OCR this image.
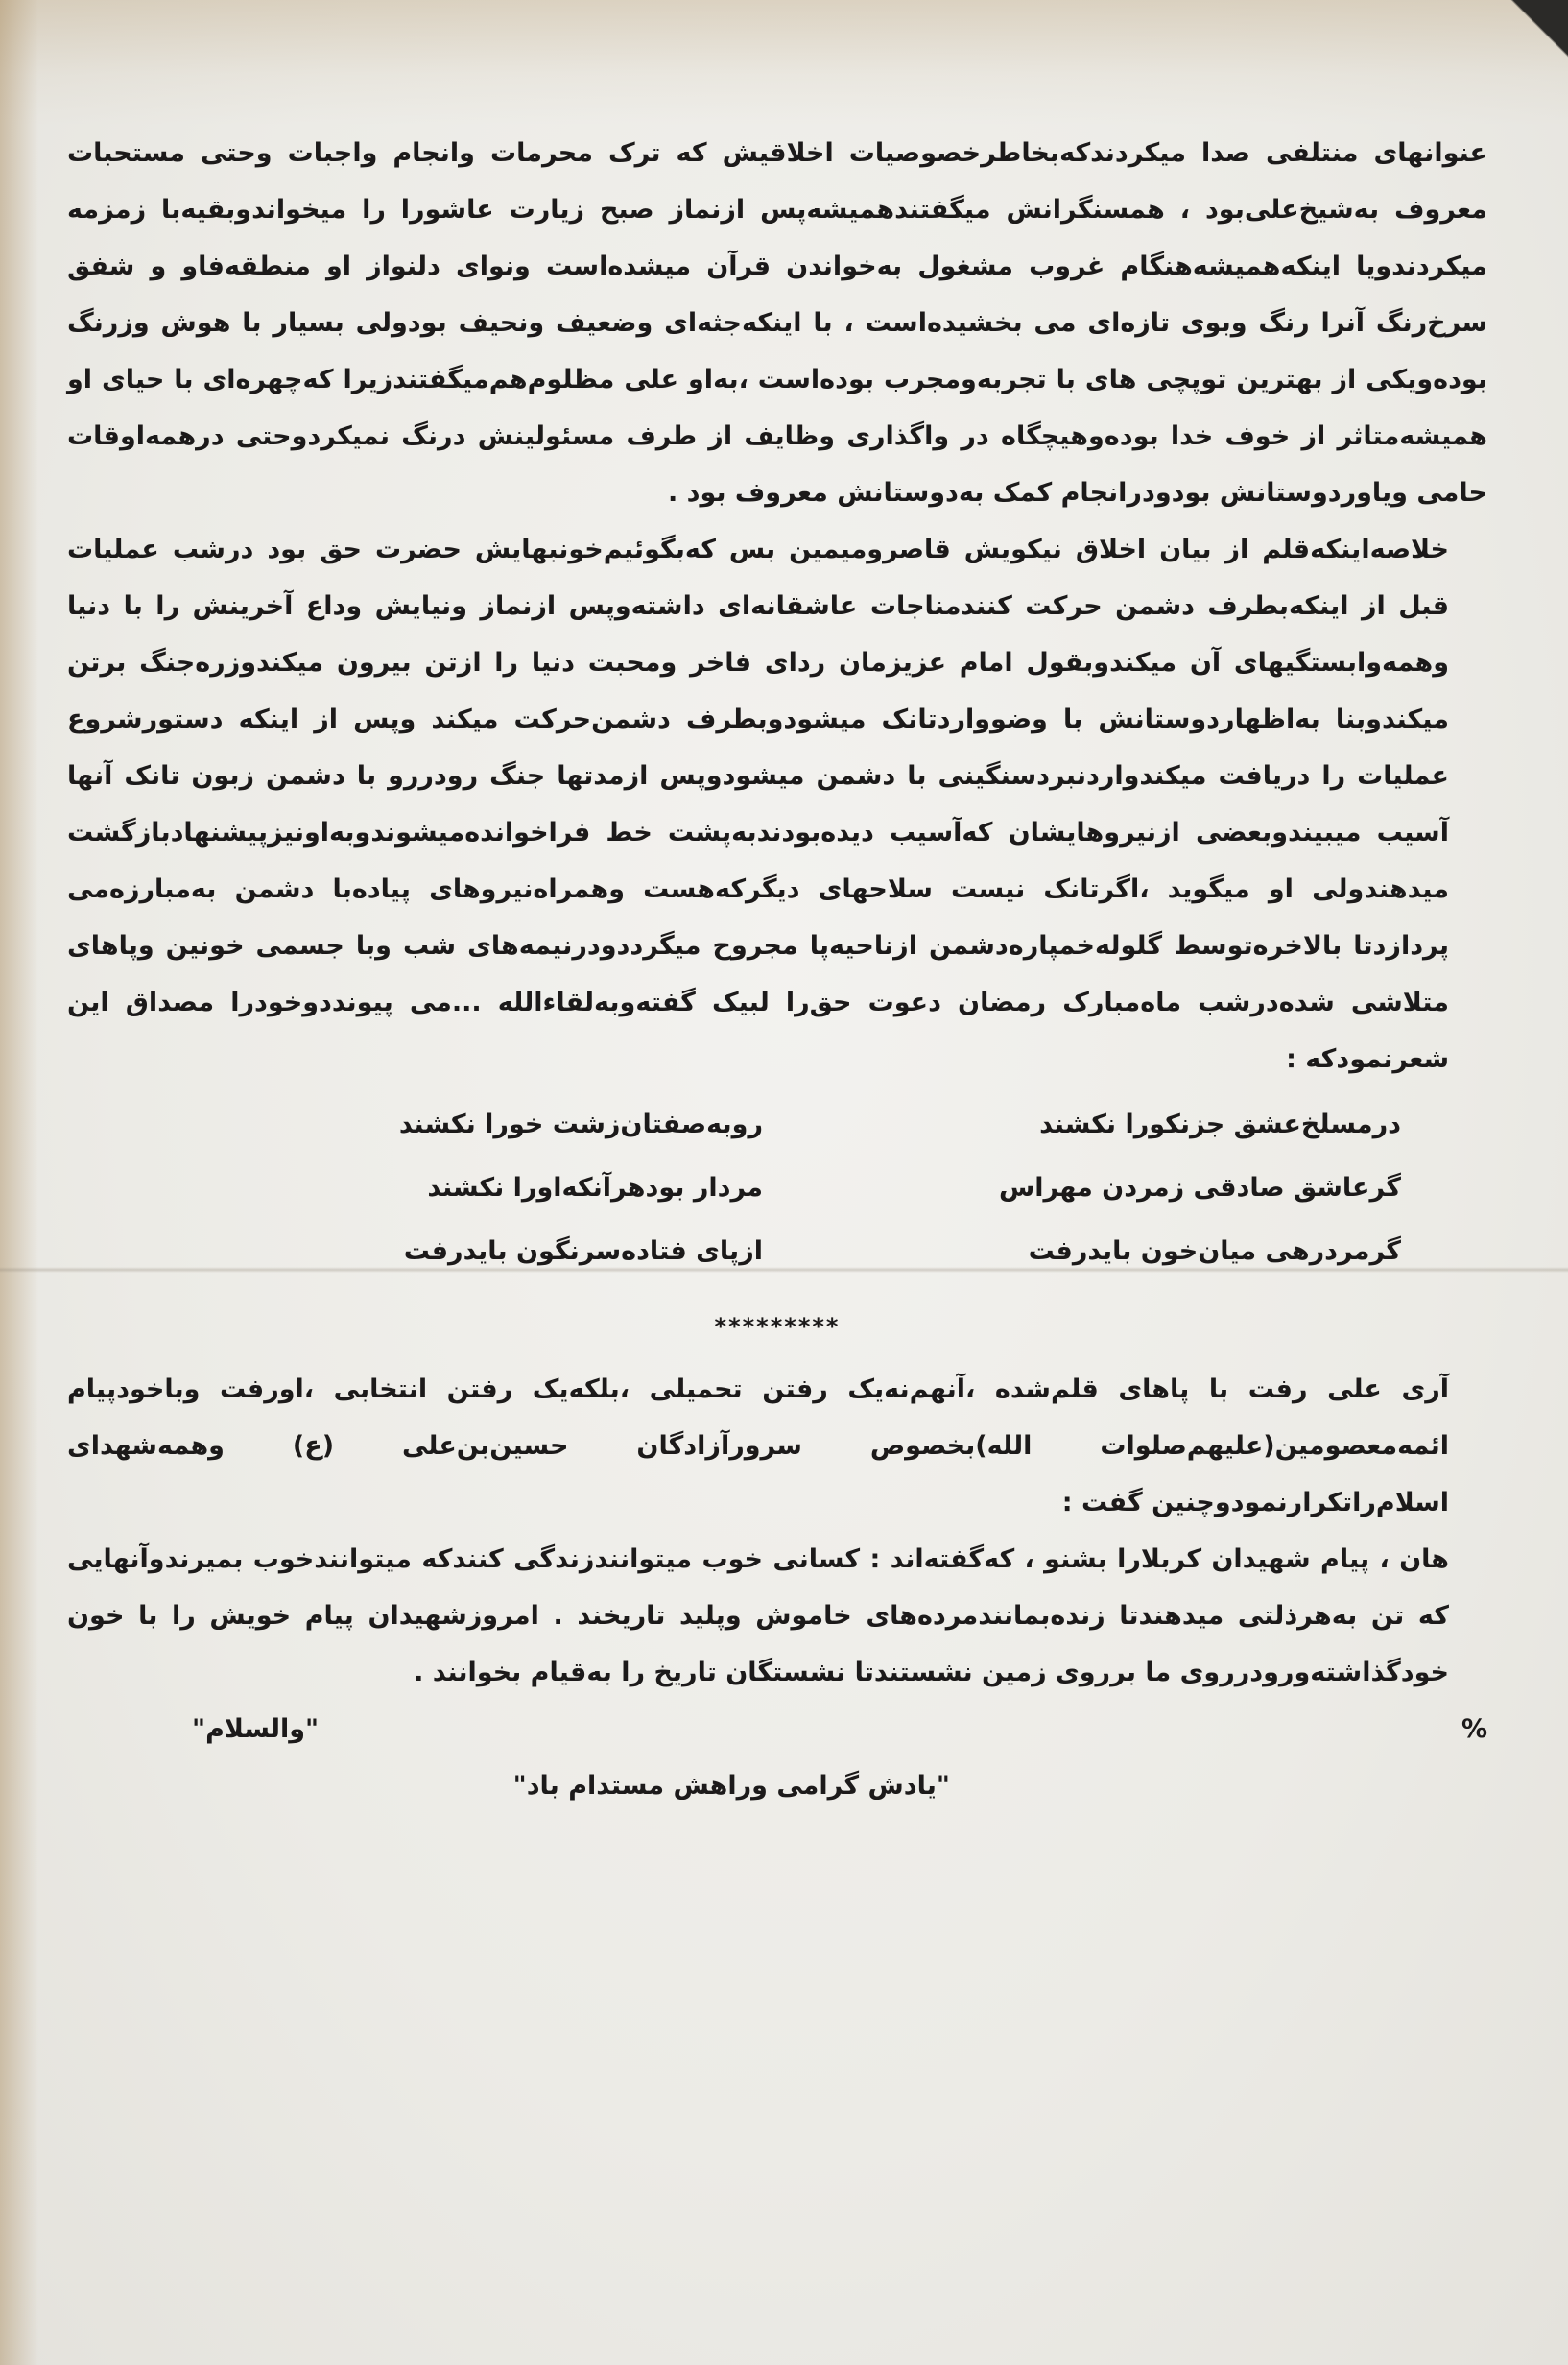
عنوانهای منتلفی صدا میکردندکه‌بخاطرخصوصیات اخلاقیش که ترک محرمات وانجام واجبات وحتی مستحبات معروف به‌شیخ‌علی‌بود ، همسنگرانش میگفتندهمیشه‌پس ازنماز صبح زیارت عاشورا را میخواندوبقیه‌با زمزمه میکردندویا اینکه‌همیشه‌هنگام غروب مشغول به‌خواندن قرآن میشده‌است ونوای دلنواز او منطقه‌فاو و شفق سرخ‌رنگ آنرا رنگ وبوی تازه‌ای می بخشیده‌است ، با اینکه‌جثه‌ای وضعیف ونحیف بودولی بسیار با هوش وزرنگ بوده‌ویکی از بهترین توپچی های با تجربه‌ومجرب بوده‌است ،به‌او علی مظلوم‌هم‌میگفتند‌زیرا که‌چهره‌ای با حیای او همیشه‌متاثر از خوف خدا بوده‌وهیچگاه در واگذاری وظایف از طرف مسئولینش درنگ نمیکردوحتی درهمه‌اوقات حامی ویاوردوستانش بودودرانجام کمک به‌دوستانش معروف بود .

خلاصه‌اینکه‌قلم از بیان اخلاق نیکویش قاصرومیمین بس که‌بگوئیم‌خونبهایش حضرت حق بود درشب عملیات قبل از اینکه‌بطرف دشمن حرکت کنندمناجات عاشقانه‌ای داشته‌وپس ازنماز ونیایش وداع آخرینش را با دنیا وهمه‌وابستگیهای آن میکندوبقول امام عزیزمان ردای فاخر ومحبت دنیا را ازتن بیرون میکندوزره‌جنگ برتن میکندوبنا به‌اظهاردوستانش با وضوواردتانک میشودوبطرف دشمن‌حرکت میکند وپس از اینکه دستورشروع عملیات را دریافت میکندواردنبردسنگینی با دشمن میشودوپس ازمدتها جنگ رودررو با دشمن زبون تانک آنها آسیب میبیندوبعضی ازنیروهایشان که‌آسیب دیده‌بودندبه‌پشت خط فراخوانده‌میشوندوبه‌اونیزپیشنهادبازگشت میدهندولی او میگوید ،اگرتانک نیست سلاحهای دیگرکه‌هست وهمراه‌نیروهای پیاده‌با دشمن به‌مبارزه‌می پردازدتا بالاخره‌توسط گلوله‌خمپاره‌دشمن ازناحیه‌پا مجروح میگرددودرنیمه‌های شب وبا جسمی خونین وپاهای متلاشی شده‌درشب ماه‌مبارک رمضان دعوت حق‌را لبیک گفته‌وبه‌لقاءالله ...می پیونددوخودرا مصداق این شعرنمودکه :

درمسلخ‌عشق جزنکورا نکشند
روبه‌صفتان‌زشت خورا نکشند
گرعاشق صادقی زمردن مهراس
مردار بودهرآنکه‌اورا نکشند
گرمردرهی میان‌خون بایدرفت
ازپای فتاده‌سرنگون بایدرفت
*********

آری علی رفت با پاهای قلم‌شده ،آنهم‌نه‌یک رفتن تحمیلی ،بلکه‌یک رفتن انتخابی ،اورفت وباخودپیام ائمه‌معصومین(علیهم‌صلوات الله)بخصوص سرورآزادگان حسین‌بن‌علی (ع) وهمه‌شهدای اسلام‌راتکرارنمودوچنین گفت :

هان ، پیام شهیدان کربلارا بشنو ، که‌گفته‌اند : کسانی خوب میتوانندزندگی کنندکه میتوانندخوب بمیرندوآنهایی که تن به‌هرذلتی میدهندتا زنده‌بمانندمرده‌های خاموش وپلید تاریخند . امروزشهیدان پیام خویش را با خون خودگذاشته‌ورودرروی ما برروی زمین نشستندتا نشستگان تاریخ را به‌قیام بخوانند .

%
"والسلام"

"یادش گرامی وراهش مستدام باد"
